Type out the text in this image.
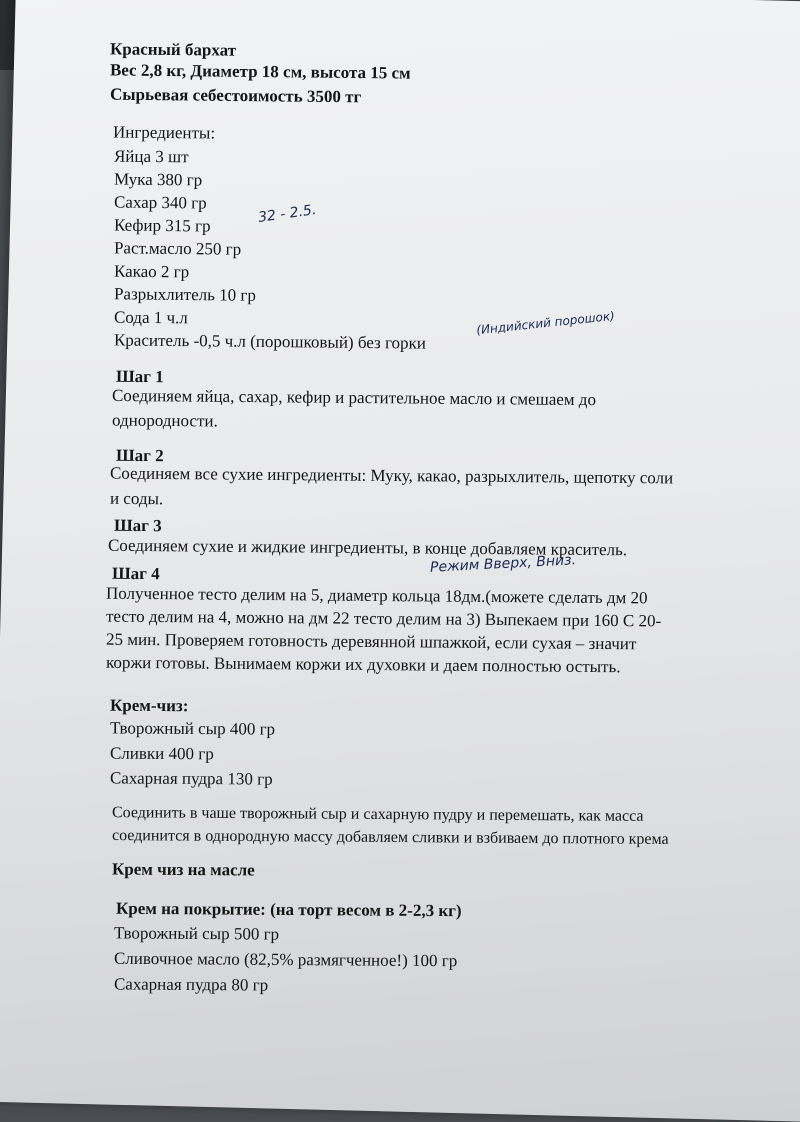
Красный бархат
Вес 2,8 кг, Диаметр 18 см, высота 15 см
Сырьевая себестоимость 3500 тг
Ингредиенты:
Яйца 3 шт
Мука 380 гр
Сахар 340 гр
Кефир 315 гр
Раст.масло 250 гр
Какао 2 гр
Разрыхлитель 10 гр
Сода 1 ч.л
Краситель -0,5 ч.л (порошковый) без горки
32 - 2.5.
(Индийский порошок)
Режим Вверх, Вниз.
Шаг 1
Соединяем яйца, сахар, кефир и растительное масло и смешаем до
однородности.
Шаг 2
Соединяем все сухие ингредиенты: Муку, какао, разрыхлитель, щепотку соли
и соды.
Шаг 3
Соединяем сухие и жидкие ингредиенты, в конце добавляем краситель.
Шаг 4
Полученное тесто делим на 5, диаметр кольца 18дм.(можете сделать дм 20
тесто делим на 4, можно на дм 22 тесто делим на 3) Выпекаем при 160 С 20-
25 мин. Проверяем готовность деревянной шпажкой, если сухая – значит
коржи готовы. Вынимаем коржи их духовки и даем полностью остыть.
Крем-чиз:
Творожный сыр 400 гр
Сливки 400 гр
Сахарная пудра 130 гр
Соединить в чаше творожный сыр и сахарную пудру и перемешать, как масса
соединится в однородную массу добавляем сливки и взбиваем до плотного крема
Крем чиз на масле
Крем на покрытие: (на торт весом в 2-2,3 кг)
Творожный сыр 500 гр
Сливочное масло (82,5% размягченное!) 100 гр
Сахарная пудра 80 гр
